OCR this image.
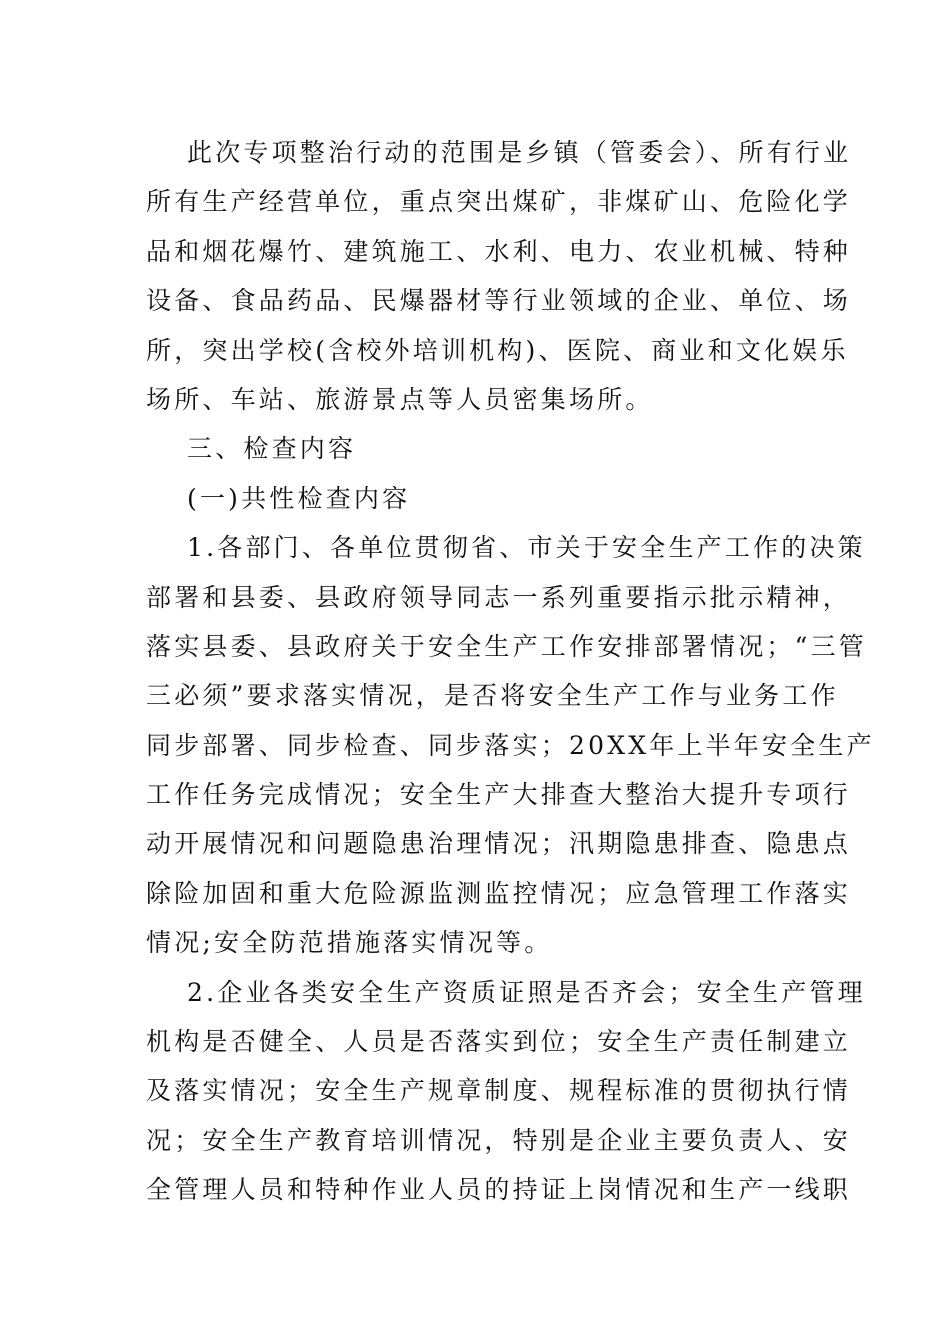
此次专项整治行动的范围是乡镇（管委会）、所有行业
所有生产经营单位，重点突出煤矿，非煤矿山、危险化学
品和烟花爆竹、建筑施工、水利、电力、农业机械、特种
设备、食品药品、民爆器材等行业领域的企业、单位、场
所，突出学校(含校外培训机构)、医院、商业和文化娱乐
场所、车站、旅游景点等人员密集场所。
三、检查内容
(一)共性检查内容
1.各部门、各单位贯彻省、市关于安全生产工作的决策
部署和县委、县政府领导同志一系列重要指示批示精神，
落实县委、县政府关于安全生产工作安排部署情况；“三管
三必须”要求落实情况，是否将安全生产工作与业务工作
同步部署、同步检查、同步落实；20XX年上半年安全生产
工作任务完成情况；安全生产大排查大整治大提升专项行
动开展情况和问题隐患治理情况；汛期隐患排查、隐患点
除险加固和重大危险源监测监控情况；应急管理工作落实
情况;安全防范措施落实情况等。
2.企业各类安全生产资质证照是否齐会；安全生产管理
机构是否健全、人员是否落实到位；安全生产责任制建立
及落实情况；安全生产规章制度、规程标准的贯彻执行情
况；安全生产教育培训情况，特别是企业主要负责人、安
全管理人员和特种作业人员的持证上岗情况和生产一线职
